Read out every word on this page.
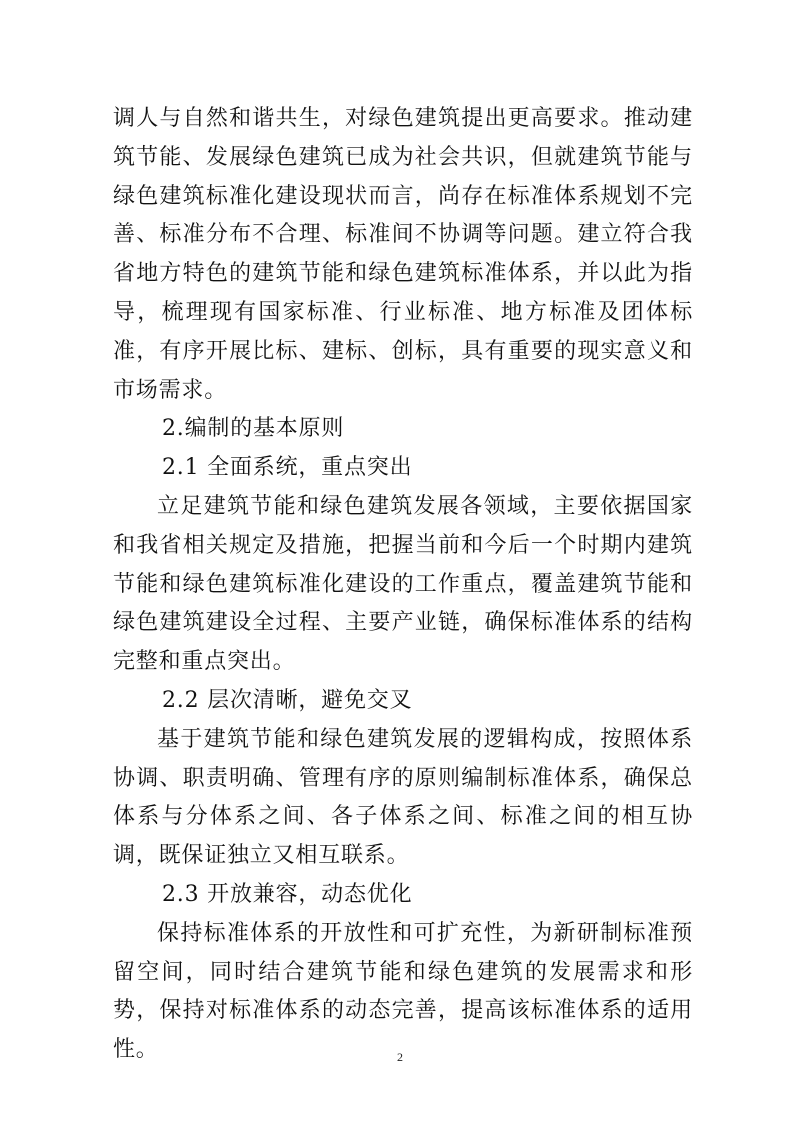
调人与自然和谐共生，对绿色建筑提出更高要求。推动建筑节能、发展绿色建筑已成为社会共识，但就建筑节能与绿色建筑标准化建设现状而言，尚存在标准体系规划不完善、标准分布不合理、标准间不协调等问题。建立符合我省地方特色的建筑节能和绿色建筑标准体系，并以此为指导，梳理现有国家标准、行业标准、地方标准及团体标准，有序开展比标、建标、创标，具有重要的现实意义和市场需求。

2.编制的基本原则

2.1 全面系统，重点突出

立足建筑节能和绿色建筑发展各领域，主要依据国家和我省相关规定及措施，把握当前和今后一个时期内建筑节能和绿色建筑标准化建设的工作重点，覆盖建筑节能和绿色建筑建设全过程、主要产业链，确保标准体系的结构完整和重点突出。

2.2 层次清晰，避免交叉

基于建筑节能和绿色建筑发展的逻辑构成，按照体系协调、职责明确、管理有序的原则编制标准体系，确保总体系与分体系之间、各子体系之间、标准之间的相互协调，既保证独立又相互联系。

2.3 开放兼容，动态优化

保持标准体系的开放性和可扩充性，为新研制标准预留空间，同时结合建筑节能和绿色建筑的发展需求和形势，保持对标准体系的动态完善，提高该标准体系的适用性。	2
